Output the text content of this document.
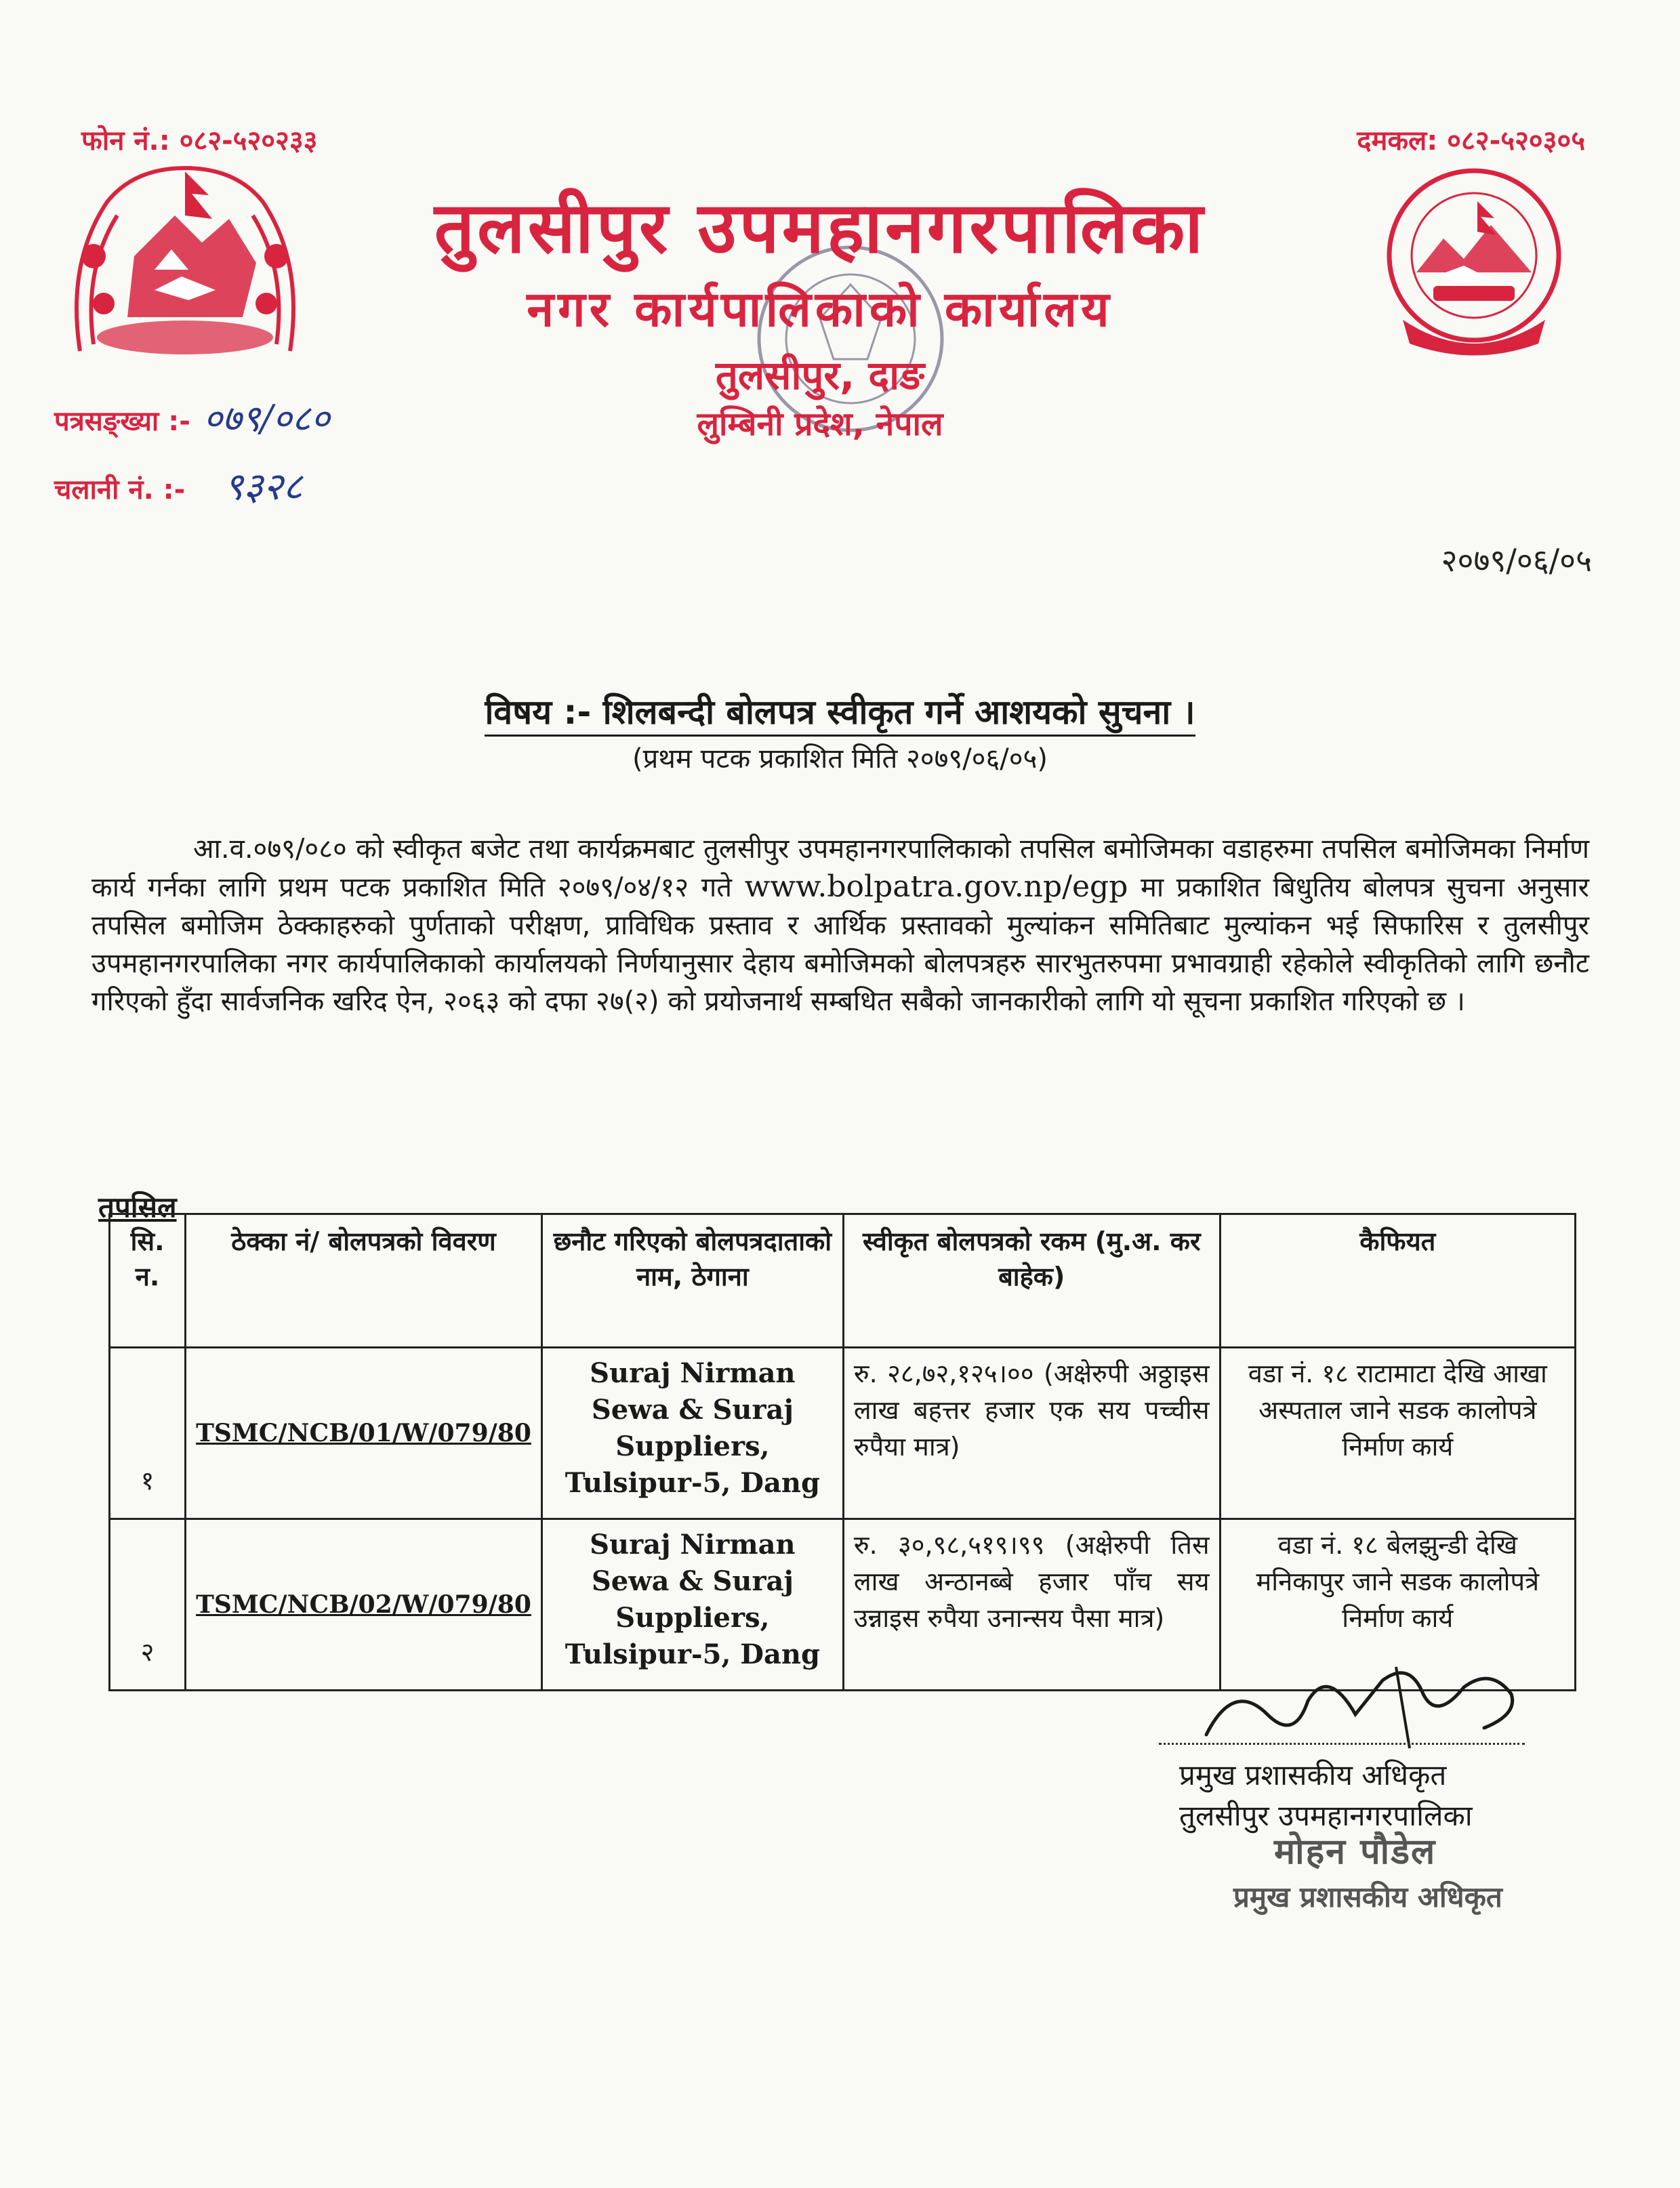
फोन नं.: ०८२-५२०२३३	दमकल: ०८२-५२०३०५
तुलसीपुर उपमहानगरपालिका
नगर कार्यपालिकाको कार्यालय
तुलसीपुर, दाङ
लुम्बिनी प्रदेश, नेपाल
पत्रसङ्ख्या :- ०७९/०८०
चलानी नं. :- ९३२८
२०७९/०६/०५
विषय :- शिलबन्दी बोलपत्र स्वीकृत गर्ने आशयको सुचना ।
(प्रथम पटक प्रकाशित मिति २०७९/०६/०५)
आ.व.०७९/०८० को स्वीकृत बजेट तथा कार्यक्रमबाट तुलसीपुर उपमहानगरपालिकाको तपसिल बमोजिमका वडाहरुमा तपसिल बमोजिमका निर्माण कार्य गर्नका लागि प्रथम पटक प्रकाशित मिति २०७९/०४/१२ गते www.bolpatra.gov.np/egp मा प्रकाशित बिधुतिय बोलपत्र सुचना अनुसार तपसिल बमोजिम ठेक्काहरुको पुर्णताको परीक्षण, प्राविधिक प्रस्ताव र आर्थिक प्रस्तावको मुल्यांकन समितिबाट मुल्यांकन भई सिफारिस र तुलसीपुर उपमहानगरपालिका नगर कार्यपालिकाको कार्यालयको निर्णयानुसार देहाय बमोजिमको बोलपत्रहरु सारभुतरुपमा प्रभावग्राही रहेकोले स्वीकृतिको लागि छनौट गरिएको हुँदा सार्वजनिक खरिद ऐन, २०६३ को दफा २७(२) को प्रयोजनार्थ सम्बधित सबैको जानकारीको लागि यो सूचना प्रकाशित गरिएको छ ।
तपसिल
सि. न.	ठेक्का नं/ बोलपत्रको विवरण	छनौट गरिएको बोलपत्रदाताको नाम, ठेगाना	स्वीकृत बोलपत्रको रकम (मु.अ. कर बाहेक)	कैफियत
१	TSMC/NCB/01/W/079/80	Suraj Nirman Sewa & Suraj Suppliers, Tulsipur-5, Dang	रु. २८,७२,१२५।०० (अक्षेरुपी अठ्ठाइस लाख बहत्तर हजार एक सय पच्चीस रुपैया मात्र)	वडा नं. १८ राटामाटा देखि आखा अस्पताल जाने सडक कालोपत्रे निर्माण कार्य
२	TSMC/NCB/02/W/079/80	Suraj Nirman Sewa & Suraj Suppliers, Tulsipur-5, Dang	रु. ३०,९८,५१९।९९ (अक्षेरुपी तिस लाख अन्ठानब्बे हजार पाँच सय उन्नाइस रुपैया उनान्सय पैसा मात्र)	वडा नं. १८ बेलझुन्डी देखि मनिकापुर जाने सडक कालोपत्रे निर्माण कार्य
प्रमुख प्रशासकीय अधिकृत
तुलसीपुर उपमहानगरपालिका
मोहन पौडेल
प्रमुख प्रशासकीय अधिकृत
